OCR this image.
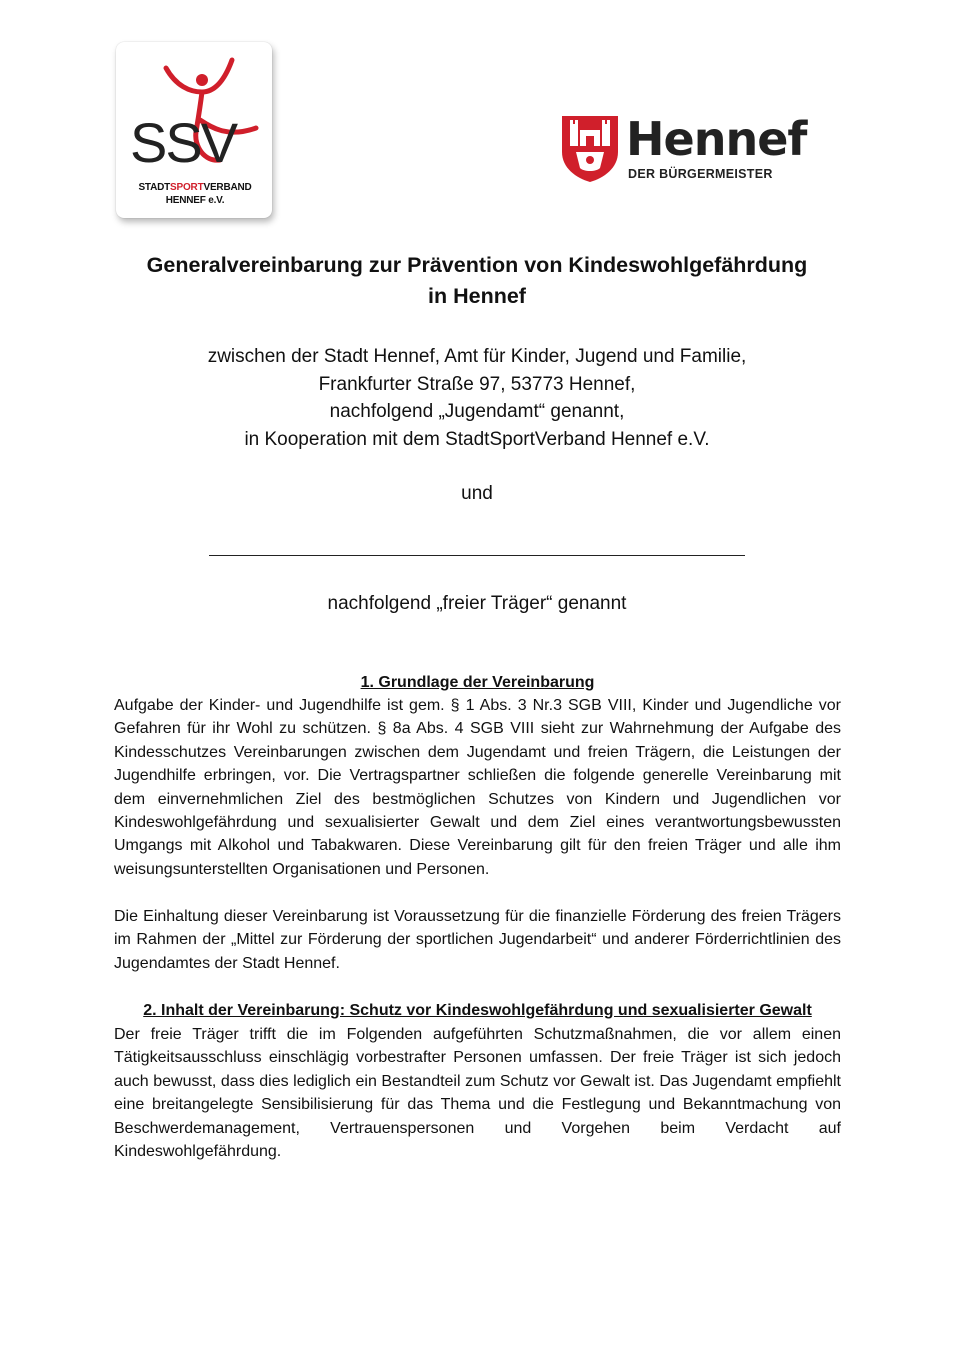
SSV
STADTSPORTVERBAND
HENNEF e.V.
Hennef
DER BÜRGERMEISTER
Generalvereinbarung zur Prävention von Kindeswohlgefährdung
in Hennef
zwischen der Stadt Hennef, Amt für Kinder, Jugend und Familie,
Frankfurter Straße 97, 53773 Hennef,
nachfolgend „Jugendamt“ genannt,
in Kooperation mit dem StadtSportVerband Hennef e.V.
und
nachfolgend „freier Träger“ genannt
1. Grundlage der Vereinbarung

Aufgabe der Kinder- und Jugendhilfe ist gem. § 1 Abs. 3 Nr.3 SGB VIII, Kinder und Jugendliche vor Gefahren für ihr Wohl zu schützen. § 8a Abs. 4 SGB VIII sieht zur Wahrnehmung der Aufgabe des Kindesschutzes Vereinbarungen zwischen dem Jugendamt und freien Trägern, die Leistungen der Jugendhilfe erbringen, vor. Die Vertragspartner schließen die folgende generelle Vereinbarung mit dem einvernehmlichen Ziel des bestmöglichen Schutzes von Kindern und Jugendlichen vor Kindeswohlgefährdung und sexualisierter Gewalt und dem Ziel eines verantwortungsbewussten Umgangs mit Alkohol und Tabakwaren. Diese Vereinbarung gilt für den freien Träger und alle ihm weisungsunterstellten Organisationen und Personen.

Die Einhaltung dieser Vereinbarung ist Voraussetzung für die finanzielle Förderung des freien Trägers im Rahmen der „Mittel zur Förderung der sportlichen Jugendarbeit“ und anderer Förderrichtlinien des Jugendamtes der Stadt Hennef.

2. Inhalt der Vereinbarung: Schutz vor Kindeswohlgefährdung und sexualisierter Gewalt

Der freie Träger trifft die im Folgenden aufgeführten Schutzmaßnahmen, die vor allem einen Tätigkeitsausschluss einschlägig vorbestrafter Personen umfassen. Der freie Träger ist sich jedoch auch bewusst, dass dies lediglich ein Bestandteil zum Schutz vor Gewalt ist. Das Jugendamt empfiehlt eine breitangelegte Sensibilisierung für das Thema und die Festlegung und Bekanntmachung von Beschwerdemanagement, Vertrauenspersonen und Vorgehen beim Verdacht auf Kindeswohlgefährdung.
